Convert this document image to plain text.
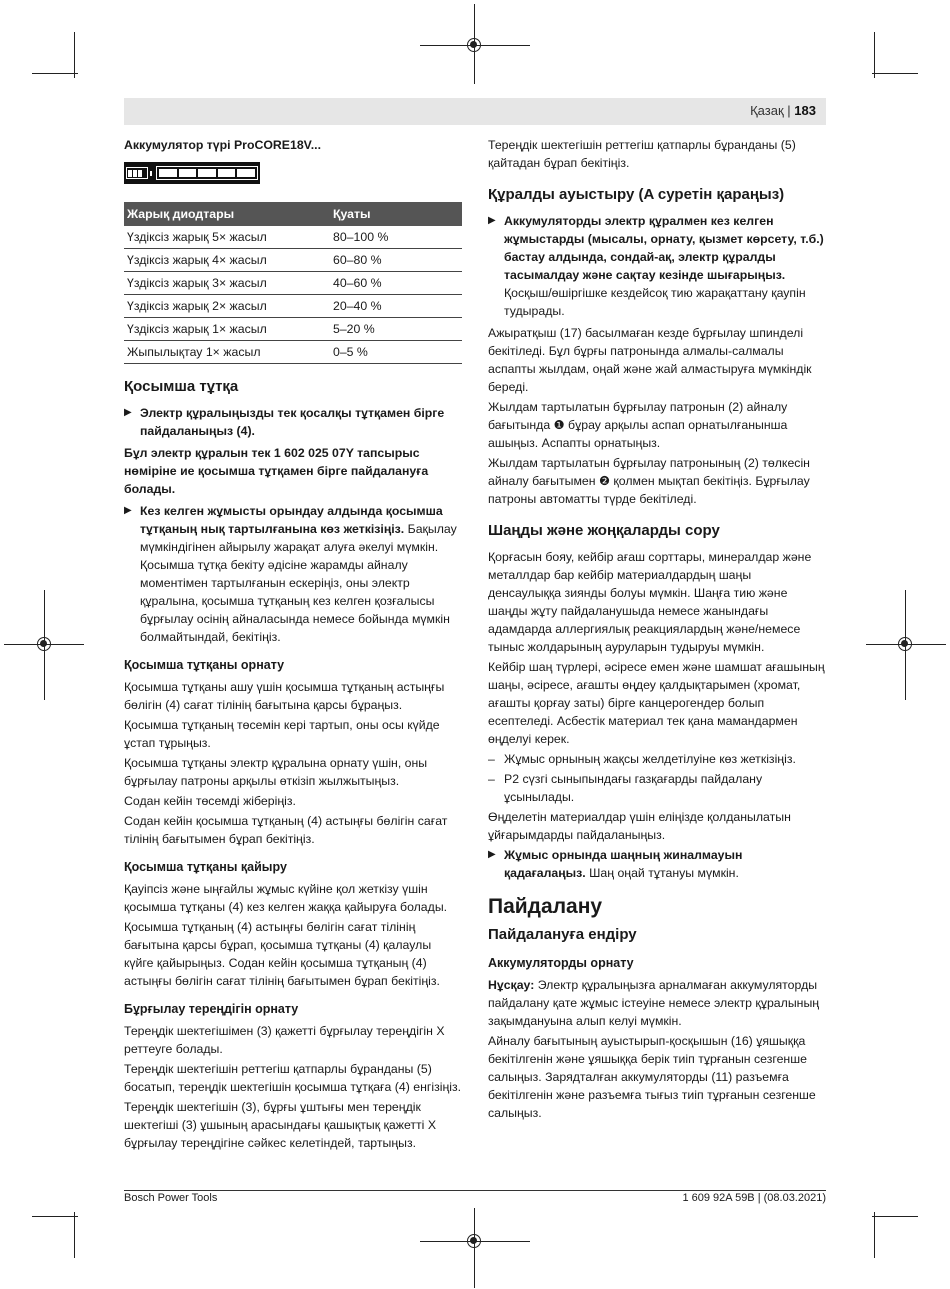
Қазақ | 183

Аккумулятор түрі ProCORE18V...

Жарық диодтары	Қуаты
Үздіксіз жарық 5× жасыл	80–100 %
Үздіксіз жарық 4× жасыл	60–80 %
Үздіксіз жарық 3× жасыл	40–60 %
Үздіксіз жарық 2× жасыл	20–40 %
Үздіксіз жарық 1× жасыл	5–20 %
Жыпылықтау 1× жасыл	0–5 %
Қосымша тұтқа
▶ Электр құралыңызды тек қосалқы тұтқамен бірге пайдаланыңыз (4).

Бұл электр құралын тек 1 602 025 07Y тапсырыс нөміріне ие қосымша тұтқамен бірге пайдалануға болады.

▶ Кез келген жұмысты орындау алдында қосымша тұтқаның нық тартылғанына көз жеткізіңіз. Бақылау мүмкіндігінен айырылу жарақат алуға әкелуі мүмкін. Қосымша тұтқа бекіту әдісіне жарамды айналу моментімен тартылғанын ескеріңіз, оны электр құралына, қосымша тұтқаның кез келген қозғалысы бұрғылау осінің айналасында немесе бойында мүмкін болмайтындай, бекітіңіз.
Қосымша тұтқаны орнату

Қосымша тұтқаны ашу үшін қосымша тұтқаның астыңғы бөлігін (4) сағат тілінің бағытына қарсы бұраңыз.

Қосымша тұтқаның төсемін кері тартып, оны осы күйде ұстап тұрыңыз.

Қосымша тұтқаны электр құралына орнату үшін, оны бұрғылау патроны арқылы өткізіп жылжытыңыз.

Содан кейін төсемді жіберіңіз.

Содан кейін қосымша тұтқаның (4) астыңғы бөлігін сағат тілінің бағытымен бұрап бекітіңіз.

Қосымша тұтқаны қайыру

Қауіпсіз және ыңғайлы жұмыс күйіне қол жеткізу үшін қосымша тұтқаны (4) кез келген жаққа қайыруға болады.

Қосымша тұтқаның (4) астыңғы бөлігін сағат тілінің бағытына қарсы бұрап, қосымша тұтқаны (4) қалаулы күйге қайырыңыз. Содан кейін қосымша тұтқаның (4) астыңғы бөлігін сағат тілінің бағытымен бұрап бекітіңіз.

Бұрғылау тереңдігін орнату

Тереңдік шектегішімен (3) қажетті бұрғылау тереңдігін X реттеуге болады.

Тереңдік шектегішін реттегіш қатпарлы бұранданы (5) босатып, тереңдік шектегішін қосымша тұтқаға (4) енгізіңіз.

Тереңдік шектегішін (3), бұрғы ұштығы мен тереңдік шектегіші (3) ұшының арасындағы қашықтық қажетті X бұрғылау тереңдігіне сәйкес келетіндей, тартыңыз.

Тереңдік шектегішін реттегіш қатпарлы бұранданы (5) қайтадан бұрап бекітіңіз.

Құралды ауыстыру (A суретін қараңыз)
▶ Аккумуляторды электр құралмен кез келген жұмыстарды (мысалы, орнату, қызмет көрсету, т.б.) бастау алдында, сондай-ақ, электр құралды тасымалдау және сақтау кезінде шығарыңыз. Қосқыш/өшіргішке кездейсоқ тию жарақаттану қаупін тудырады.

Ажыратқыш (17) басылмаған кезде бұрғылау шпинделі бекітіледі. Бұл бұрғы патронында алмалы-салмалы аспапты жылдам, оңай және жай алмастыруға мүмкіндік береді.

Жылдам тартылатын бұрғылау патронын (2) айналу бағытында ❶ бұрау арқылы аспап орнатылғанынша ашыңыз. Аспапты орнатыңыз.

Жылдам тартылатын бұрғылау патронының (2) төлкесін айналу бағытымен ❷ қолмен мықтап бекітіңіз. Бұрғылау патроны автоматты түрде бекітіледі.

Шаңды және жоңқаларды сору

Қорғасын бояу, кейбір ағаш сорттары, минералдар және металлдар бар кейбір материалдардың шаңы денсаулыққа зиянды болуы мүмкін. Шаңға тию және шаңды жұту пайдаланушыда немесе жанындағы адамдарда аллергиялық реакциялардың және/немесе тыныс жолдарының ауруларын тудыруы мүмкін.

Кейбір шаң түрлері, әсіресе емен және шамшат ағашының шаңы, әсіресе, ағашты өңдеу қалдықтарымен (хромат, ағашты қорғау заты) бірге канцерогендер болып есептеледі. Асбестік материал тек қана мамандармен өңделуі керек.

– Жұмыс орнының жақсы желдетілуіне көз жеткізіңіз.
– P2 сүзгі сыныпындағы газқағарды пайдалану ұсынылады.

Өңделетін материалдар үшін еліңізде қолданылатын ұйғарымдарды пайдаланыңыз.

▶ Жұмыс орнында шаңның жиналмауын қадағалаңыз. Шаң оңай тұтануы мүмкін.
Пайдалану
Пайдалануға ендіру
Аккумуляторды орнату

Нұсқау: Электр құралыңызға арналмаған аккумуляторды пайдалану қате жұмыс істеуіне немесе электр құралының зақымдануына алып келуі мүмкін.

Айналу бағытының ауыстырып-қосқышын (16) ұяшыққа бекітілгенін және ұяшыққа берік тиіп тұрғанын сезгенше салыңыз. Зарядталған аккумуляторды (11) разъемға бекітілгенін және разъемға тығыз тиіп тұрғанын сезгенше салыңыз.

Bosch Power Tools	1 609 92A 59B | (08.03.2021)
